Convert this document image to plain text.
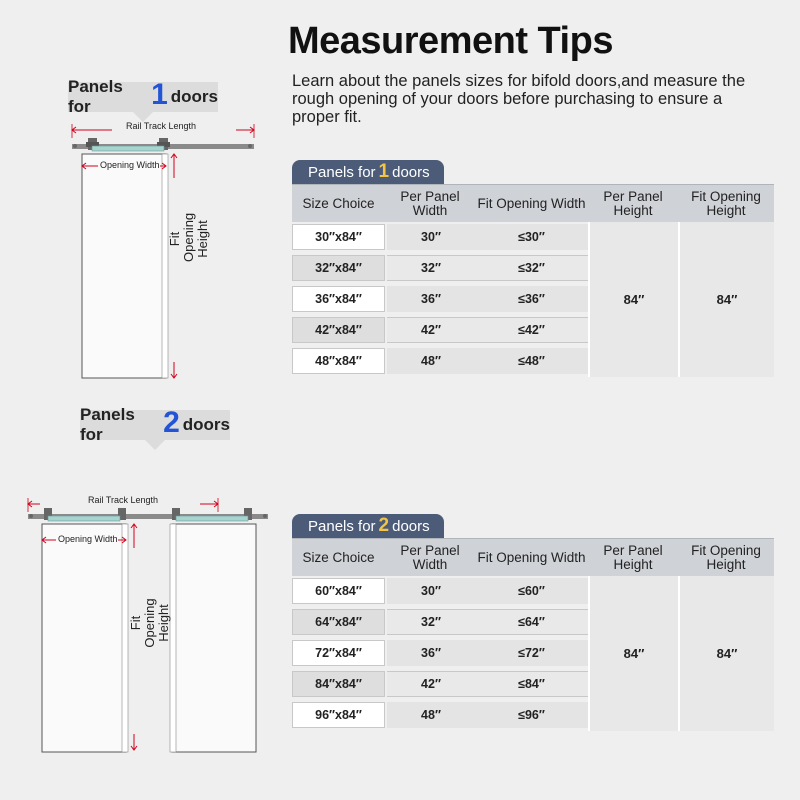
Measurement Tips
Learn about the panels sizes for bifold doors,and measure the rough opening of your doors before purchasing to ensure a proper fit.
Panels for	1 doors
Rail Track Length
Opening Width
Fit Opening Height
Panels for	2 doors
Rail Track Length
Opening Width
Fit Opening Height
Panels for 1 doors
Size Choice	Per Panel Width	Fit Opening Width	Per Panel Height
Fit Opening Height
30′′x84′′	30′′	≤30′′
32′′x84′′	32′′	≤32′′
36′′x84′′	36′′	≤36′′
42′′x84′′	42′′	≤42′′
48′′x84′′	48′′	≤48′′
84′′	84′′
Panels for 2 doors
Size Choice	Per Panel Width	Fit Opening Width	Per Panel Height
Fit Opening Height
60′′x84′′	30′′	≤60′′
64′′x84′′	32′′	≤64′′
72′′x84′′	36′′	≤72′′
84′′x84′′	42′′	≤84′′
96′′x84′′	48′′	≤96′′
84′′	84′′
